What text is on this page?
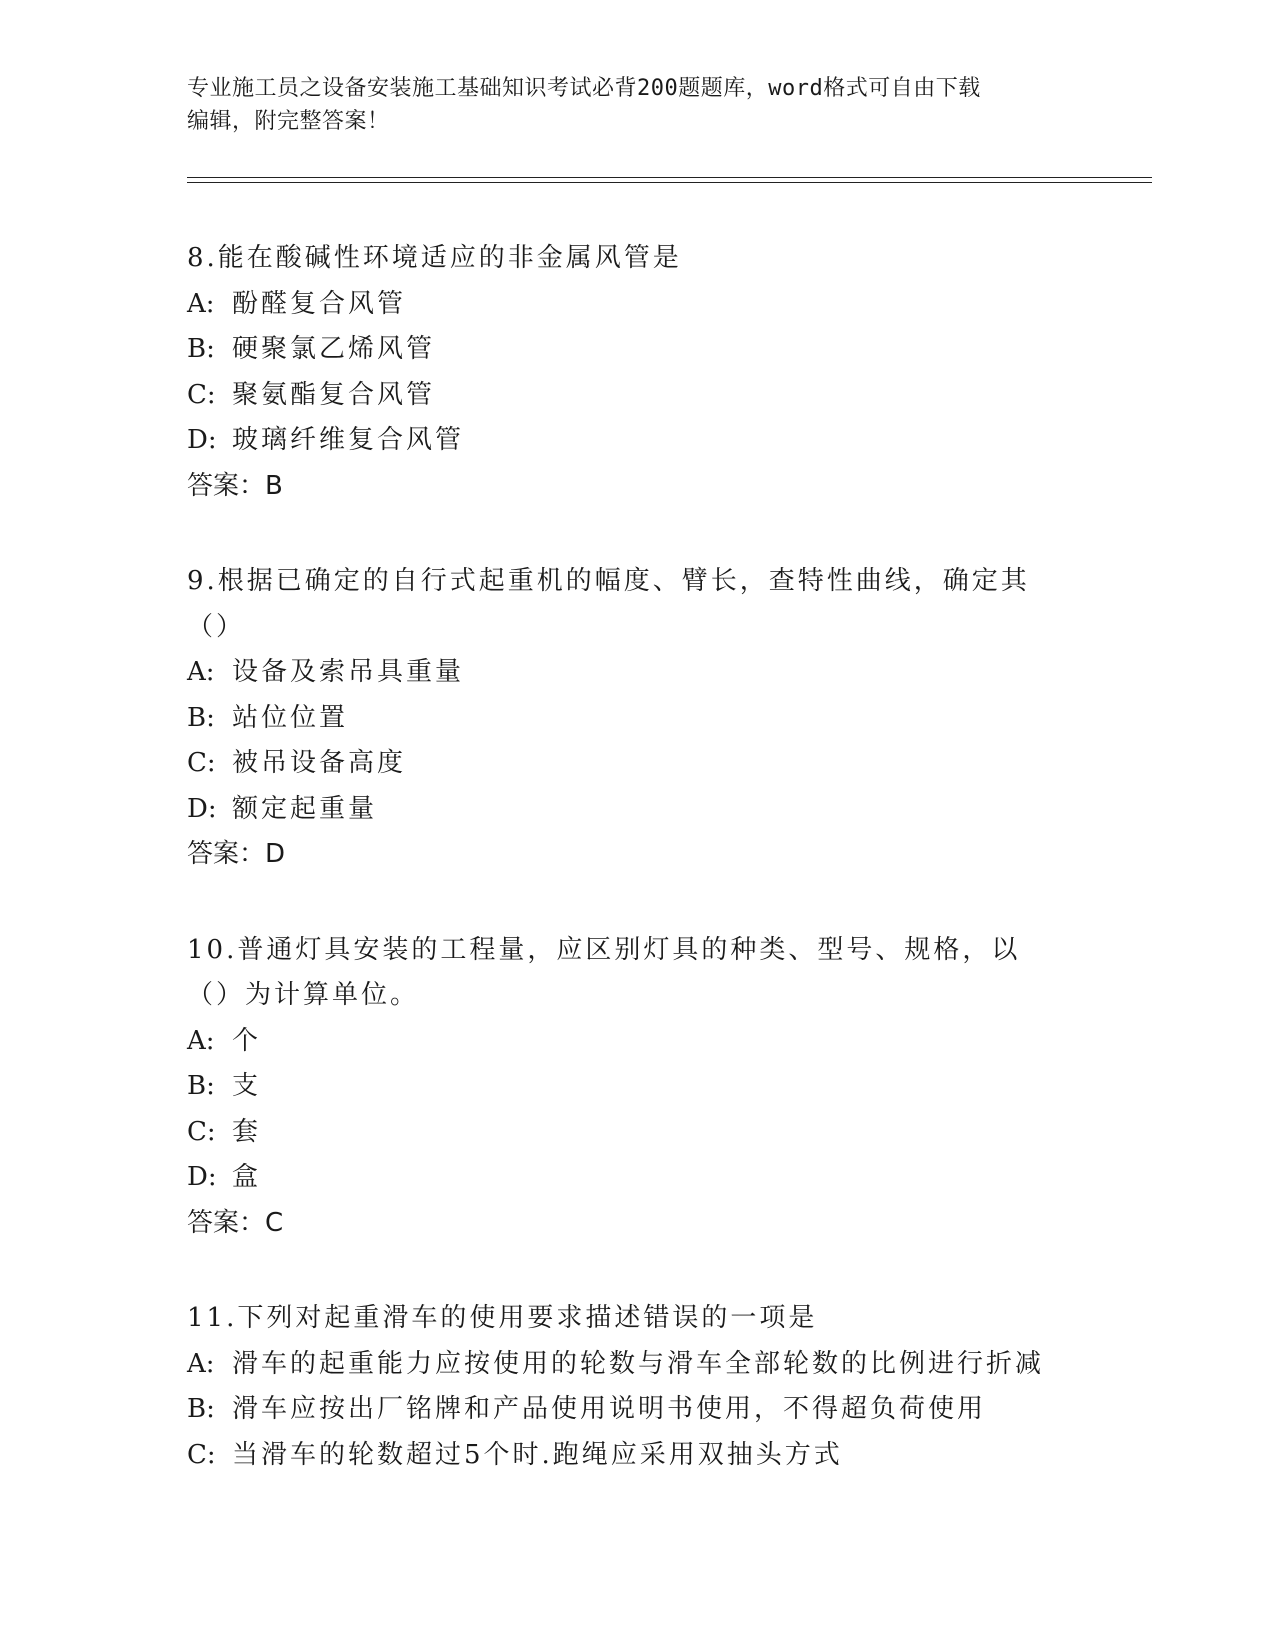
专业施工员之设备安装施工基础知识考试必背200题题库，word格式可自由下载
编辑，附完整答案！
8.能在酸碱性环境适应的非金属风管是
A: 酚醛复合风管
B: 硬聚氯乙烯风管
C: 聚氨酯复合风管
D: 玻璃纤维复合风管
答案：B
9.根据已确定的自行式起重机的幅度、臂长，查特性曲线，确定其（）
A: 设备及索吊具重量
B: 站位位置
C: 被吊设备高度
D: 额定起重量
答案：D
10.普通灯具安装的工程量，应区别灯具的种类、型号、规格，以（）为计算单位。
A: 个
B: 支
C: 套
D: 盒
答案：C
11.下列对起重滑车的使用要求描述错误的一项是
A: 滑车的起重能力应按使用的轮数与滑车全部轮数的比例进行折减
B: 滑车应按出厂铭牌和产品使用说明书使用，不得超负荷使用
C: 当滑车的轮数超过5个时.跑绳应采用双抽头方式
